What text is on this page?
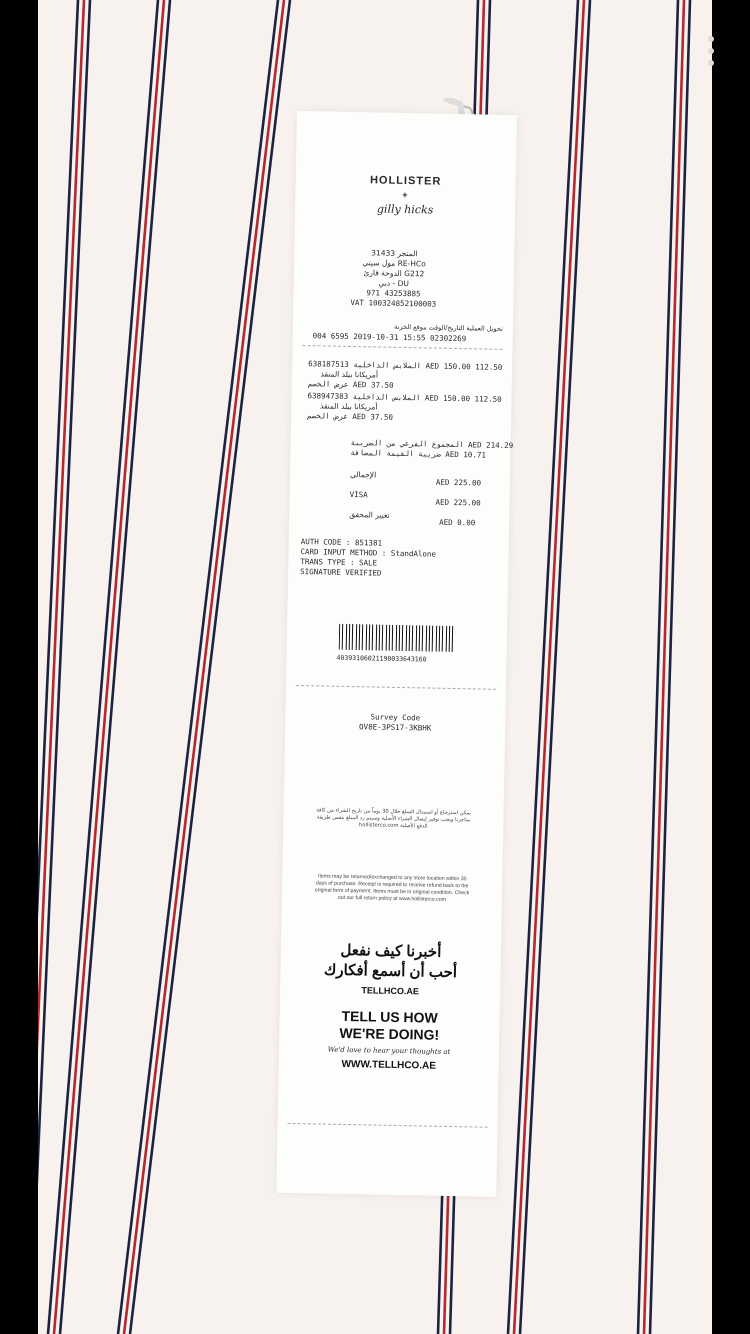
HOLLISTER
+
gilly hicks
المتجر 31433
RE-HCo مول سيتي
G212 الدوحة قارئ
DU - دبي
971 43253885
VAT 100324852100003
تحويل العملية التاريخ/الوقت موقع الخزنة
004 6595 2019-10-31 15:55 02302269
638187513 الملابس الداخلية AED 150.00 112.50
أمريكانا بيلد المنقذ
عرض الخصم AED 37.50
638947383 الملابس الداخلية AED 150.00 112.50
أمريكانا بيلد المنقذ
عرض الخصم AED 37.50
المجموع الفرعي من الضريبة AED 214.29
ضريبة القيمة المضافة AED 10.71
الإجمالي
AED 225.00
VISA
AED 225.00
تغيير المحقق
AED 0.00
AUTH CODE : 851381
CARD INPUT METHOD : StandAlone
TRANS TYPE : SALE
SIGNATURE VERIFIED
40393106021190033643160
Survey Code
OV8E-3PS17-3KBHK
يمكن استرجاع أو استبدال السلع خلال 30 يوماً من تاريخ الشراء من كافة متاجرنا ويجب توفير إيصال الشراء الأصلية وسيتم رد المبلغ بنفس طريقة الدفع الأصلية hollisterco.com
Items may be returned/exchanged to any store location within 30 days of purchase. Receipt is required to receive refund back to the original form of payment. Items must be in original condition. Check out our full return policy at www.hollisterco.com
أخبرنا كيف نفعل
أحب أن أسمع أفكارك
TELLHCO.AE
TELL US HOW
WE'RE DOING!
We'd love to hear your thoughts at
WWW.TELLHCO.AE
